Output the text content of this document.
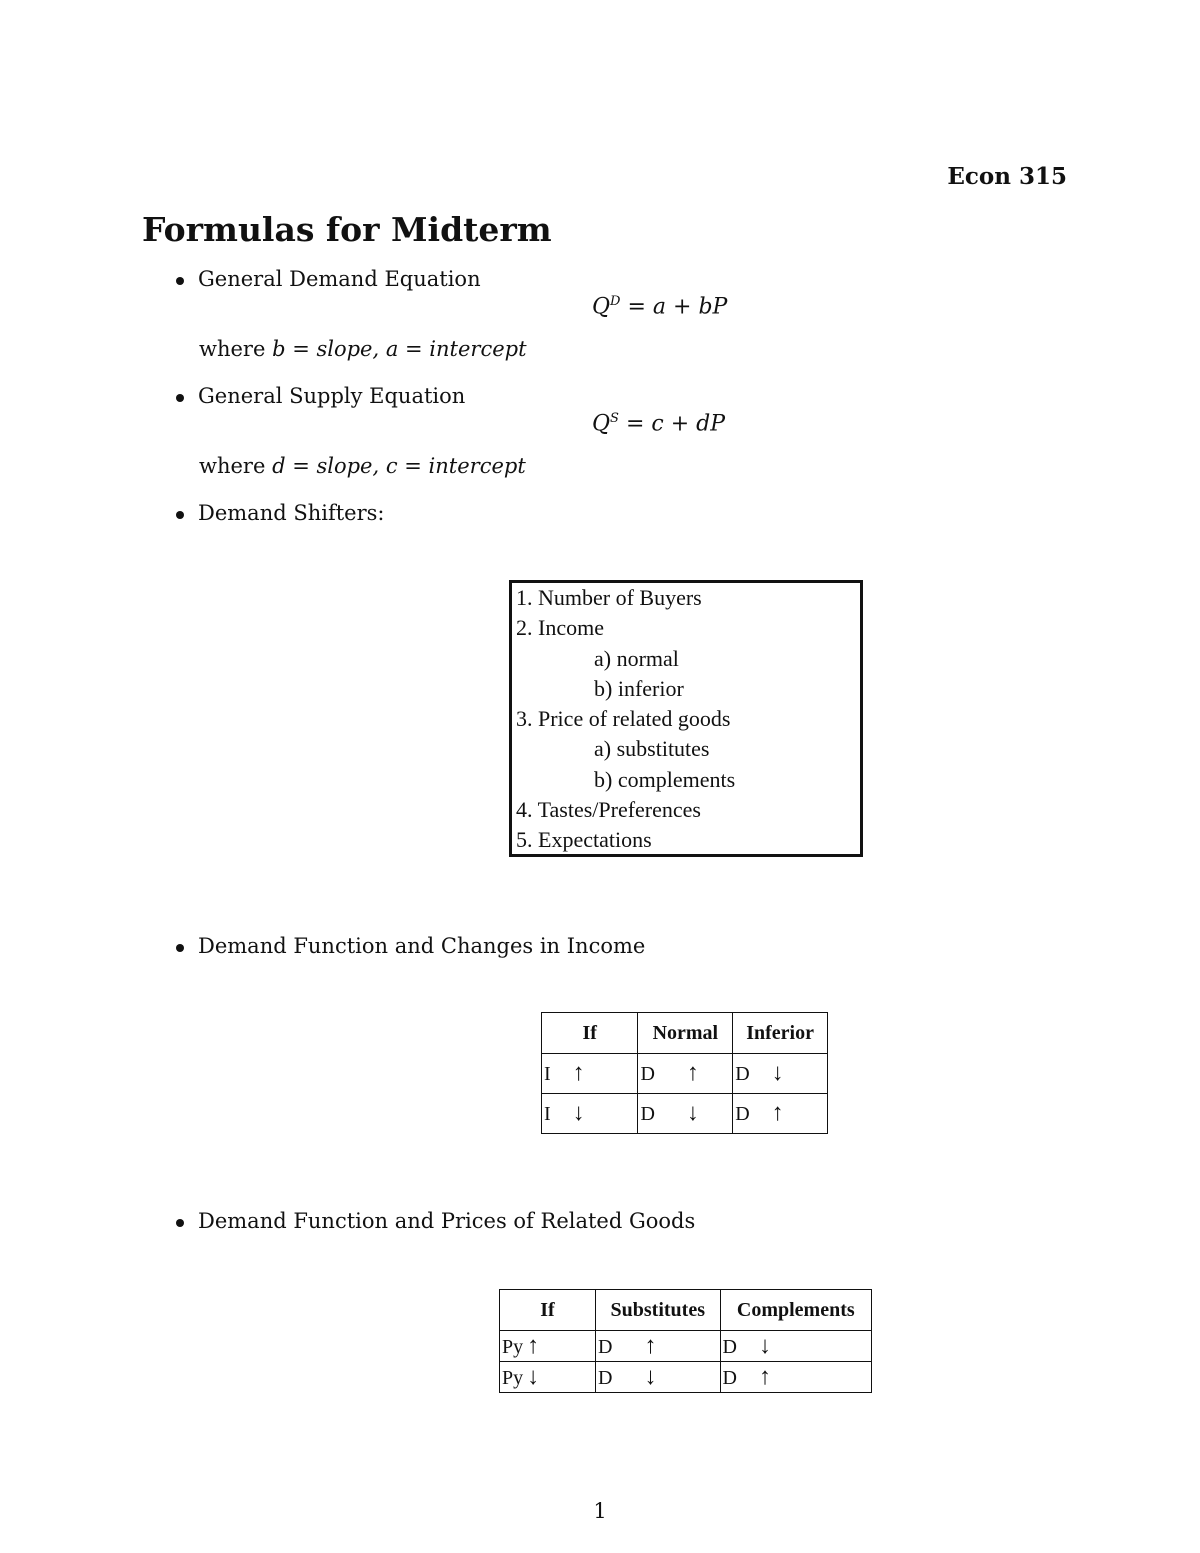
Econ 315
Formulas for Midterm
General Demand Equation
$Q^D = a$ + bP
where b = slope, a = intercept
General Supply Equation
$Q^S = c$ + dP
where d = slope, c = intercept
Demand Shifters:
1. Number of Buyers
2. Income
a) normal
b) inferior
3. Price of related goods
a) substitutes
b) complements
4. Tastes/Preferences
5. Expectations
Demand Function and Changes in Income
If	Normal	Inferior
I ↑	D ↑	D ↓
I ↓	D ↓	D ↑
Demand Function and Prices of Related Goods
If	Substitutes	Complements
Py ↑	D ↑	D ↓
Py ↓	D ↓	D ↑
1
